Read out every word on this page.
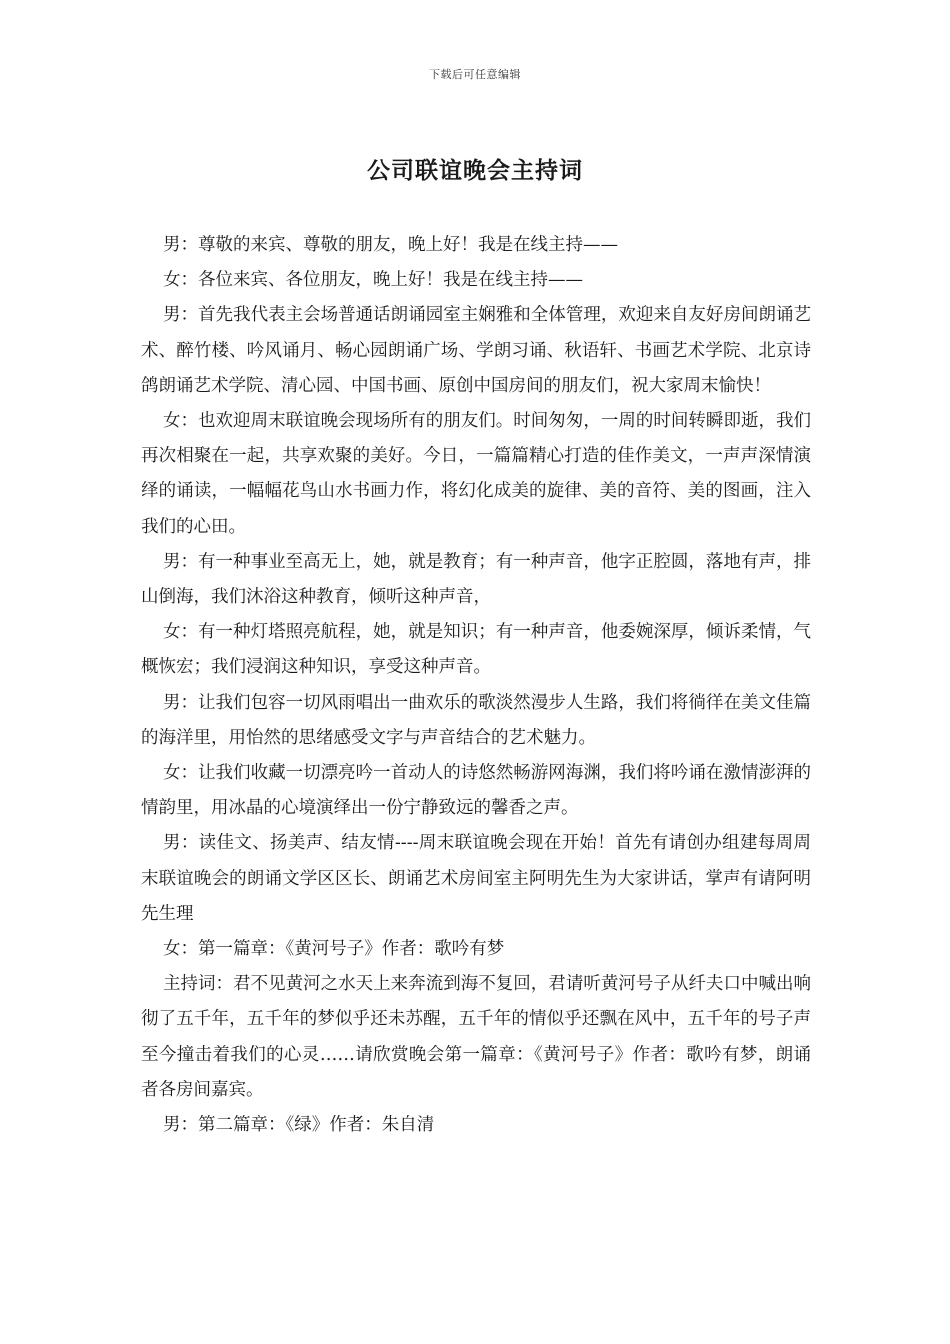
下载后可任意编辑
公司联谊晚会主持词

男：尊敬的来宾、尊敬的朋友，晚上好！我是在线主持——

女：各位来宾、各位朋友，晚上好！我是在线主持——

男：首先我代表主会场普通话朗诵园室主娴雅和全体管理，欢迎来自友好房间朗诵艺术、醉竹楼、吟风诵月、畅心园朗诵广场、学朗习诵、秋语轩、书画艺术学院、北京诗鸽朗诵艺术学院、清心园、中国书画、原创中国房间的朋友们，祝大家周末愉快！

女：也欢迎周末联谊晚会现场所有的朋友们。时间匆匆，一周的时间转瞬即逝，我们再次相聚在一起，共享欢聚的美好。今日，一篇篇精心打造的佳作美文，一声声深情演绎的诵读，一幅幅花鸟山水书画力作，将幻化成美的旋律、美的音符、美的图画，注入我们的心田。

男：有一种事业至高无上，她，就是教育；有一种声音，他字正腔圆，落地有声，排山倒海，我们沐浴这种教育，倾听这种声音，

女：有一种灯塔照亮航程，她，就是知识；有一种声音，他委婉深厚，倾诉柔情，气概恢宏；我们浸润这种知识，享受这种声音。

男：让我们包容一切风雨唱出一曲欢乐的歌淡然漫步人生路，我们将徜徉在美文佳篇的海洋里，用怡然的思绪感受文字与声音结合的艺术魅力。

女：让我们收藏一切漂亮吟一首动人的诗悠然畅游网海渊，我们将吟诵在激情澎湃的情韵里，用冰晶的心境演绎出一份宁静致远的馨香之声。

男：读佳文、扬美声、结友情----周末联谊晚会现在开始！首先有请创办组建每周周末联谊晚会的朗诵文学区区长、朗诵艺术房间室主阿明先生为大家讲话，掌声有请阿明先生理

女：第一篇章：《黄河号子》作者：歌吟有梦

主持词：君不见黄河之水天上来奔流到海不复回，君请听黄河号子从纤夫口中喊出响彻了五千年，五千年的梦似乎还未苏醒，五千年的情似乎还飘在风中，五千年的号子声至今撞击着我们的心灵……请欣赏晚会第一篇章：《黄河号子》作者：歌吟有梦，朗诵者各房间嘉宾。

男：第二篇章：《绿》作者：朱自清
